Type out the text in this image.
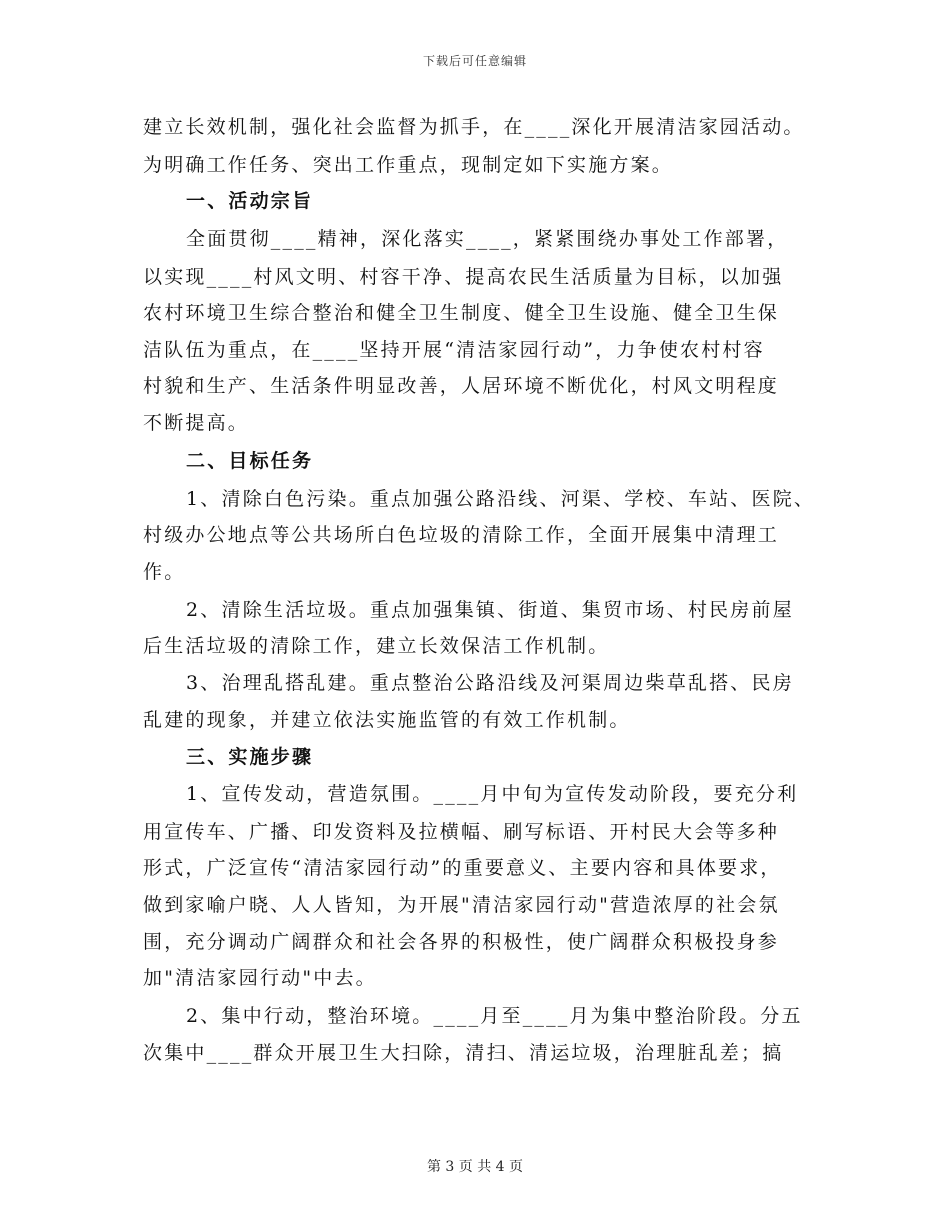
下载后可任意编辑
建立长效机制，强化社会监督为抓手，在____深化开展清洁家园活动。
为明确工作任务、突出工作重点，现制定如下实施方案。
一、活动宗旨
全面贯彻____精神，深化落实____，紧紧围绕办事处工作部署，
以实现____村风文明、村容干净、提高农民生活质量为目标，以加强
农村环境卫生综合整治和健全卫生制度、健全卫生设施、健全卫生保
洁队伍为重点，在____坚持开展“清洁家园行动”，力争使农村村容
村貌和生产、生活条件明显改善，人居环境不断优化，村风文明程度
不断提高。
二、目标任务
1、清除白色污染。重点加强公路沿线、河渠、学校、车站、医院、
村级办公地点等公共场所白色垃圾的清除工作，全面开展集中清理工
作。
2、清除生活垃圾。重点加强集镇、街道、集贸市场、村民房前屋
后生活垃圾的清除工作，建立长效保洁工作机制。
3、治理乱搭乱建。重点整治公路沿线及河渠周边柴草乱搭、民房
乱建的现象，并建立依法实施监管的有效工作机制。
三、实施步骤
1、宣传发动，营造氛围。____月中旬为宣传发动阶段，要充分利
用宣传车、广播、印发资料及拉横幅、刷写标语、开村民大会等多种
形式，广泛宣传“清洁家园行动”的重要意义、主要内容和具体要求，
做到家喻户晓、人人皆知，为开展"清洁家园行动"营造浓厚的社会氛
围，充分调动广阔群众和社会各界的积极性，使广阔群众积极投身参
加"清洁家园行动"中去。
2、集中行动，整治环境。____月至____月为集中整治阶段。分五
次集中____群众开展卫生大扫除，清扫、清运垃圾，治理脏乱差；搞
第 3 页 共 4 页
